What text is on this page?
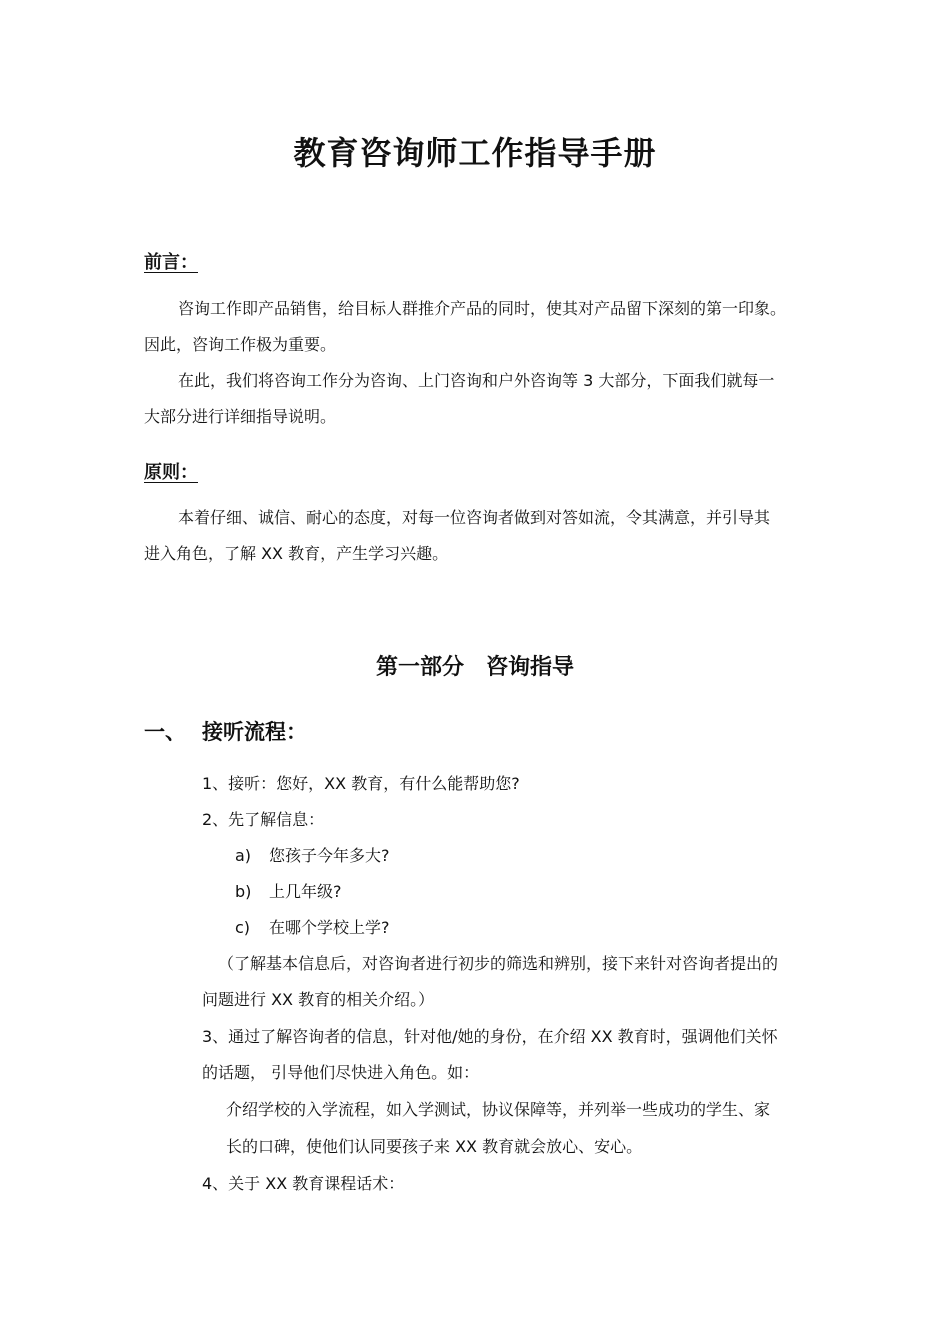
教育咨询师工作指导手册
前言：
咨询工作即产品销售，给目标人群推介产品的同时，使其对产品留下深刻的第一印象。
因此，咨询工作极为重要。
在此，我们将咨询工作分为咨询、上门咨询和户外咨询等 3 大部分，下面我们就每一
大部分进行详细指导说明。
原则：
本着仔细、诚信、耐心的态度，对每一位咨询者做到对答如流，令其满意，并引导其
进入角色，了解 XX 教育，产生学习兴趣。
第一部分 咨询指导
一、 接听流程：
1、接听：您好，XX 教育，有什么能帮助您?
2、先了解信息：
a) 您孩子今年多大?
b) 上几年级?
c) 在哪个学校上学?
（了解基本信息后，对咨询者进行初步的筛选和辨别，接下来针对咨询者提出的
问题进行 XX 教育的相关介绍。）
3、通过了解咨询者的信息，针对他/她的身份，在介绍 XX 教育时，强调他们关怀
的话题， 引导他们尽快进入角色。如：
介绍学校的入学流程，如入学测试，协议保障等，并列举一些成功的学生、家
长的口碑，使他们认同要孩子来 XX 教育就会放心、安心。
4、关于 XX 教育课程话术：
